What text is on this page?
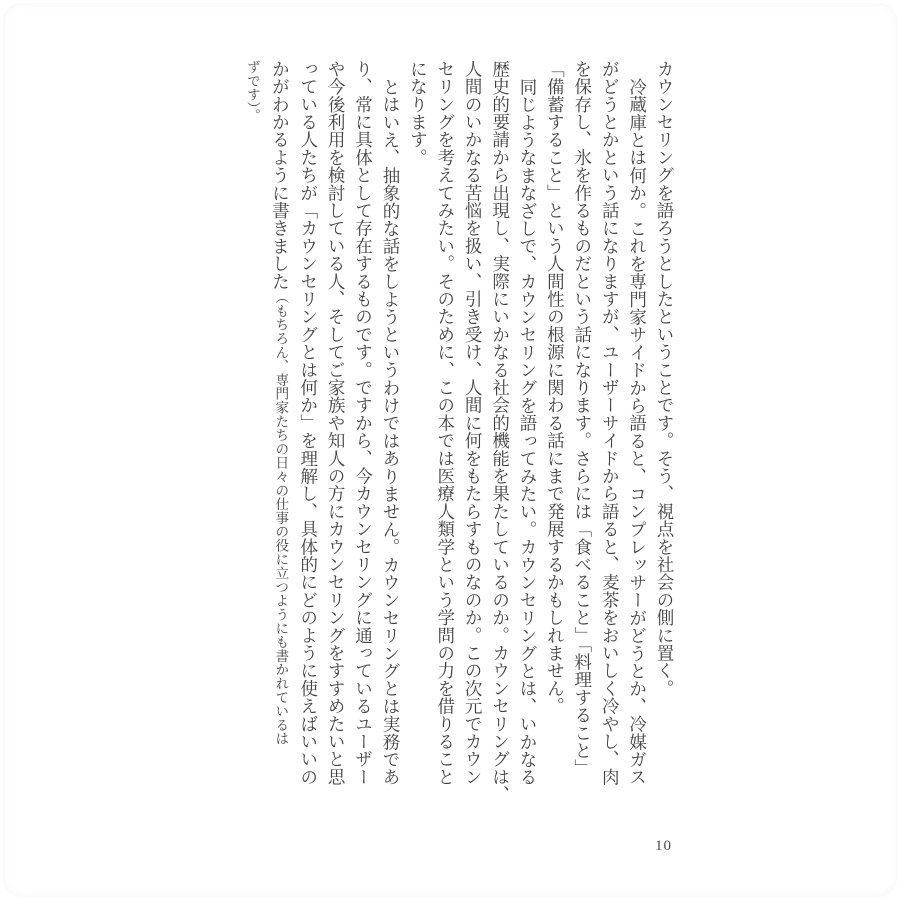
カウンセリングを語ろうとしたということです。そう、視点を社会の側に置く。
冷蔵庫とは何か。これを専門家サイドから語ると、コンプレッサーがどうとか、冷媒ガス
がどうとかという話になりますが、ユーザーサイドから語ると、麦茶をおいしく冷やし、肉
を保存し、氷を作るものだという話になります。さらには「食べること」「料理すること」
「備蓄すること」という人間性の根源に関わる話にまで発展するかもしれません。
同じようなまなざしで、カウンセリングを語ってみたい。カウンセリングとは、いかなる
歴史的要請から出現し、実際にいかなる社会的機能を果たしているのか。カウンセリングは、
人間のいかなる苦悩を扱い、引き受け、人間に何をもたらすものなのか。この次元でカウン
セリングを考えてみたい。そのために、この本では医療人類学という学問の力を借りること
になります。
とはいえ、抽象的な話をしようというわけではありません。カウンセリングとは実務であ
り、常に具体として存在するものです。ですから、今カウンセリングに通っているユーザー
や今後利用を検討している人、そしてご家族や知人の方にカウンセリングをすすめたいと思
っている人たちが「カウンセリングとは何か」を理解し、具体的にどのように使えばいいの
かがわかるように書きました（もちろん、専門家たちの日々の仕事の役に立つようにも書かれているは
ずです）。
10
